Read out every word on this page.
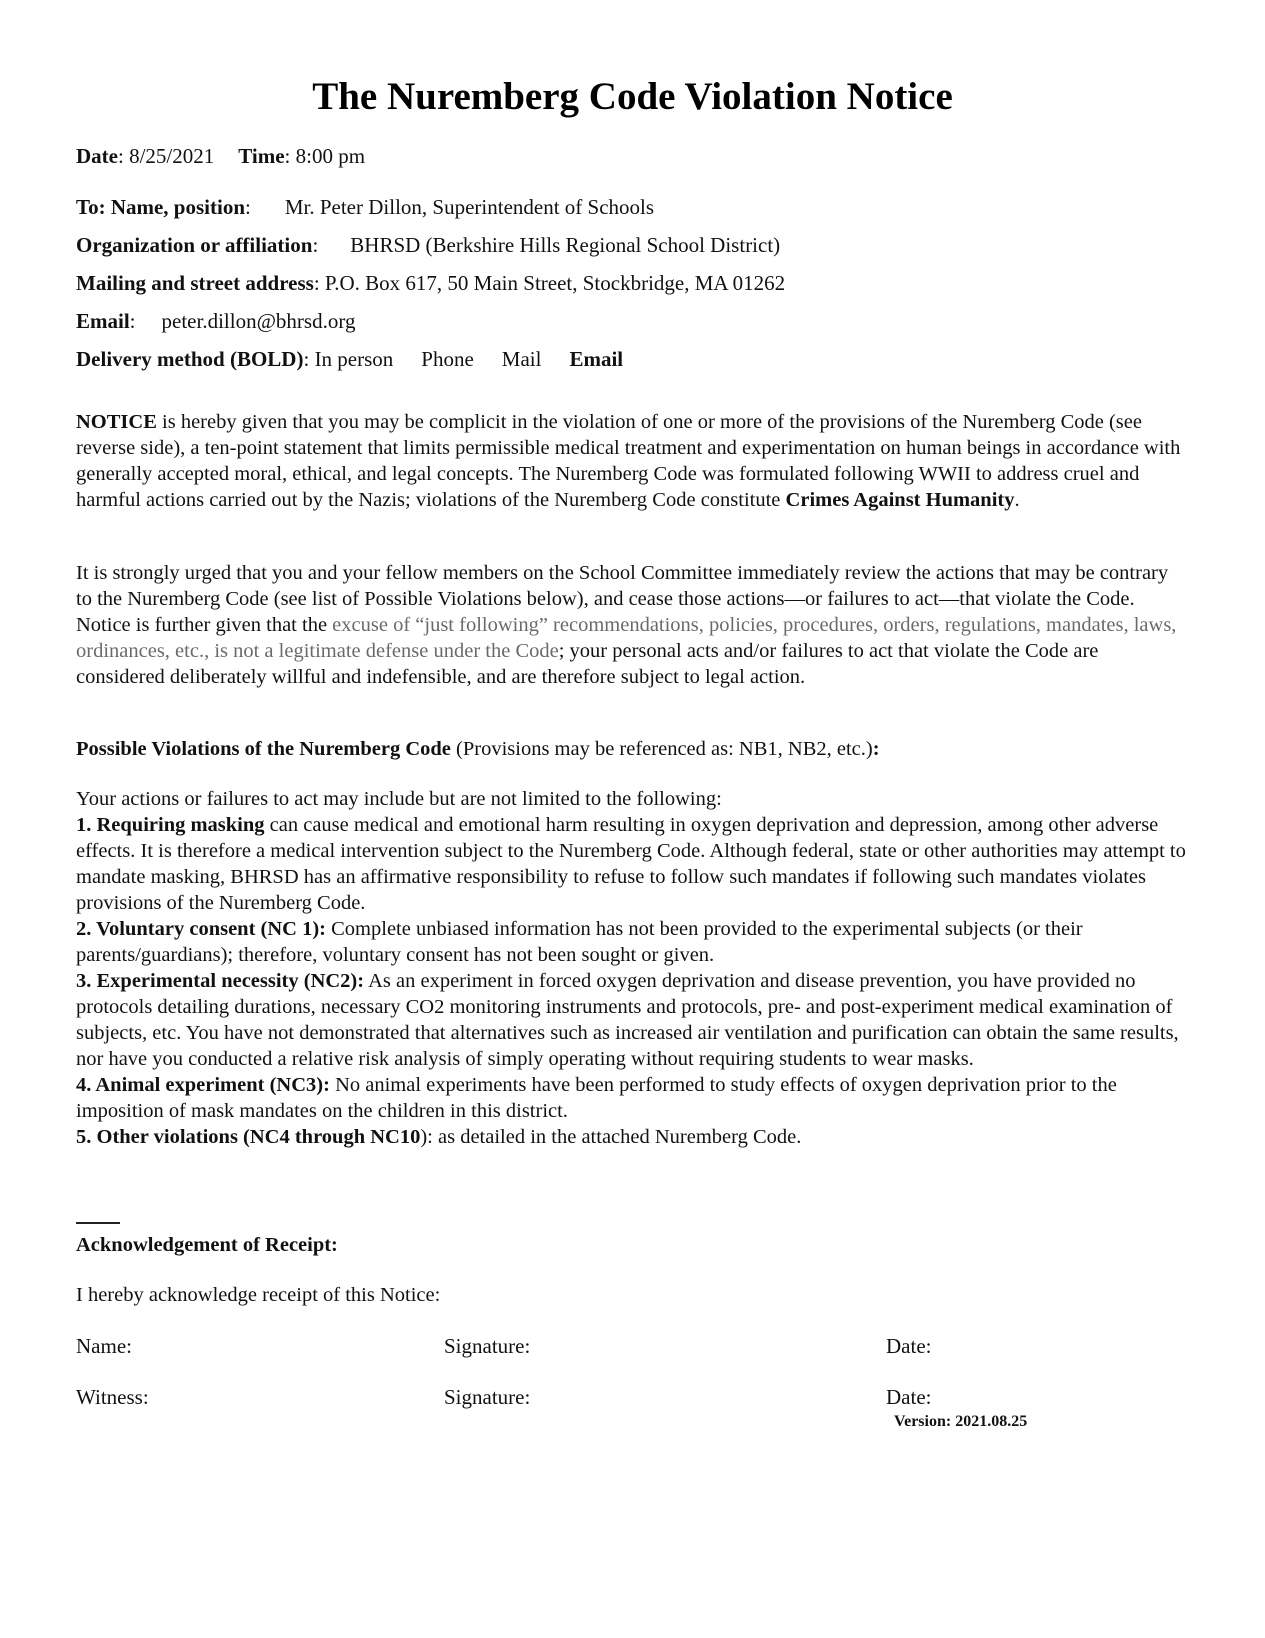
The Nuremberg Code Violation Notice
Date: 8/25/2021 Time: 8:00 pm
To: Name, position: Mr. Peter Dillon, Superintendent of Schools
Organization or affiliation: BHRSD (Berkshire Hills Regional School District)
Mailing and street address: P.O. Box 617, 50 Main Street, Stockbridge, MA 01262
Email: peter.dillon@bhrsd.org
Delivery method (BOLD): In person Phone Mail Email
NOTICE is hereby given that you may be complicit in the violation of one or more of the provisions of the Nuremberg Code (see reverse side), a ten-point statement that limits permissible medical treatment and experimentation on human beings in accordance with generally accepted moral, ethical, and legal concepts. The Nuremberg Code was formulated following WWII to address cruel and harmful actions carried out by the Nazis; violations of the Nuremberg Code constitute Crimes Against Humanity.
It is strongly urged that you and your fellow members on the School Committee immediately review the actions that may be contrary to the Nuremberg Code (see list of Possible Violations below), and cease those actions—or failures to act—that violate the Code. Notice is further given that the excuse of “just following” recommendations, policies, procedures, orders, regulations, mandates, laws, ordinances, etc., is not a legitimate defense under the Code; your personal acts and/or failures to act that violate the Code are considered deliberately willful and indefensible, and are therefore subject to legal action.
Possible Violations of the Nuremberg Code (Provisions may be referenced as: NB1, NB2, etc.):
Your actions or failures to act may include but are not limited to the following:
1. Requiring masking can cause medical and emotional harm resulting in oxygen deprivation and depression, among other adverse effects. It is therefore a medical intervention subject to the Nuremberg Code. Although federal, state or other authorities may attempt to mandate masking, BHRSD has an affirmative responsibility to refuse to follow such mandates if following such mandates violates provisions of the Nuremberg Code.
2. Voluntary consent (NC 1): Complete unbiased information has not been provided to the experimental subjects (or their parents/guardians); therefore, voluntary consent has not been sought or given.
3. Experimental necessity (NC2): As an experiment in forced oxygen deprivation and disease prevention, you have provided no protocols detailing durations, necessary CO2 monitoring instruments and protocols, pre- and post-experiment medical examination of subjects, etc. You have not demonstrated that alternatives such as increased air ventilation and purification can obtain the same results, nor have you conducted a relative risk analysis of simply operating without requiring students to wear masks.
4. Animal experiment (NC3): No animal experiments have been performed to study effects of oxygen deprivation prior to the imposition of mask mandates on the children in this district.
5. Other violations (NC4 through NC10): as detailed in the attached Nuremberg Code.
Acknowledgement of Receipt:
I hereby acknowledge receipt of this Notice:
Name:	Signature:	Date:
Witness:	Signature:	Date:
Version: 2021.08.25
